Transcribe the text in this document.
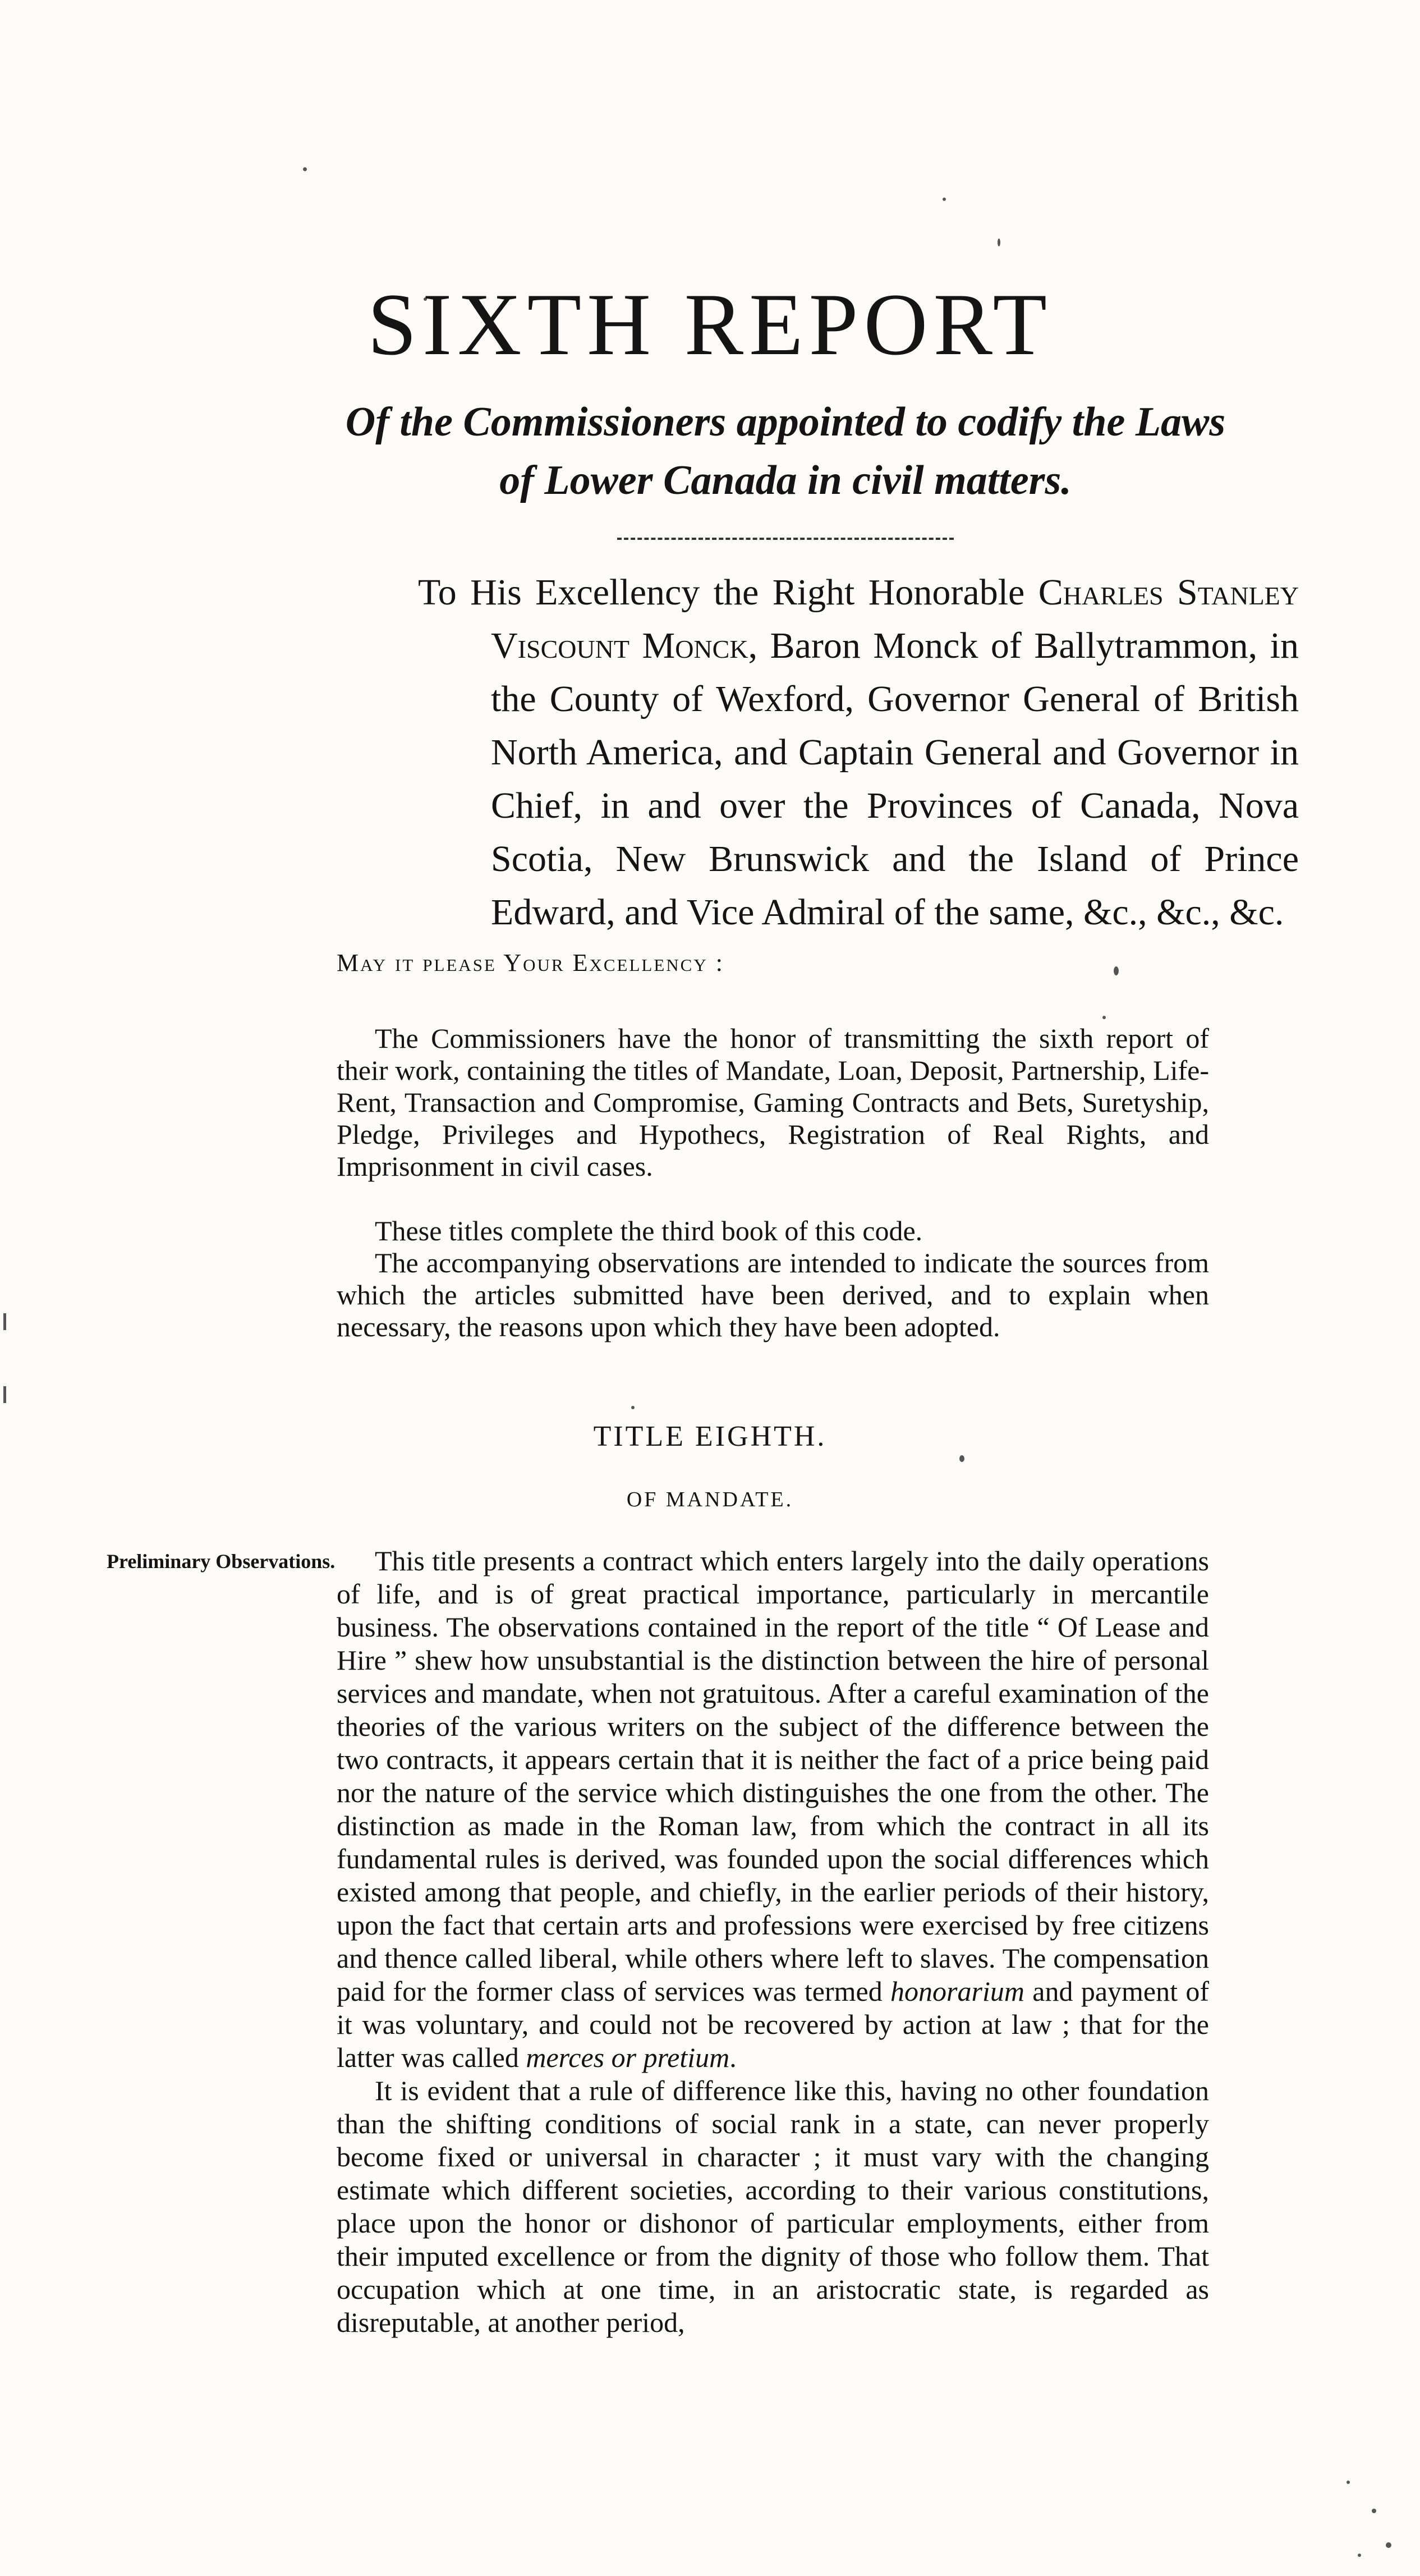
SIXTH REPORT

Of the Commissioners appointed to codify the Laws of Lower Canada in civil matters.

To His Excellency the Right Honorable Charles Stanley Viscount Monck, Baron Monck of Ballytrammon, in the County of Wexford, Governor General of British North America, and Captain General and Governor in Chief, in and over the Provinces of Canada, Nova Scotia, New Brunswick and the Island of Prince Edward, and Vice Admiral of the same, &c., &c., &c.

May it please Your Excellency :

The Commissioners have the honor of transmitting the sixth report of their work, containing the titles of Mandate, Loan, Deposit, Partnership, Life-Rent, Transaction and Compromise, Gaming Contracts and Bets, Suretyship, Pledge, Privileges and Hypothecs, Registration of Real Rights, and Imprisonment in civil cases.

These titles complete the third book of this code.

The accompanying observations are intended to indicate the sources from which the articles submitted have been derived, and to explain when necessary, the reasons upon which they have been adopted.

TITLE EIGHTH.
OF MANDATE.

Preliminary Observations.	This title presents a contract which enters largely into the daily operations of life, and is of great practical importance, particularly in mercantile business. The observations contained in the report of the title “ Of Lease and Hire ” shew how unsubstantial is the distinction between the hire of personal services and mandate, when not gratuitous. After a careful examination of the theories of the various writers on the subject of the difference between the two contracts, it appears certain that it is neither the fact of a price being paid nor the nature of the service which distinguishes the one from the other. The distinction as made in the Roman law, from which the contract in all its fundamental rules is derived, was founded upon the social differences which existed among that people, and chiefly, in the earlier periods of their history, upon the fact that certain arts and professions were exercised by free citizens and thence called liberal, while others where left to slaves. The compensation paid for the former class of services was termed honorarium and payment of it was voluntary, and could not be recovered by action at law ; that for the latter was called merces or pretium.

It is evident that a rule of difference like this, having no other foundation than the shifting conditions of social rank in a state, can never properly become fixed or universal in character ; it must vary with the changing estimate which different societies, according to their various constitutions, place upon the honor or dishonor of particular employments, either from their imputed excellence or from the dignity of those who follow them. That occupation which at one time, in an aristocratic state, is regarded as disreputable, at another period,
